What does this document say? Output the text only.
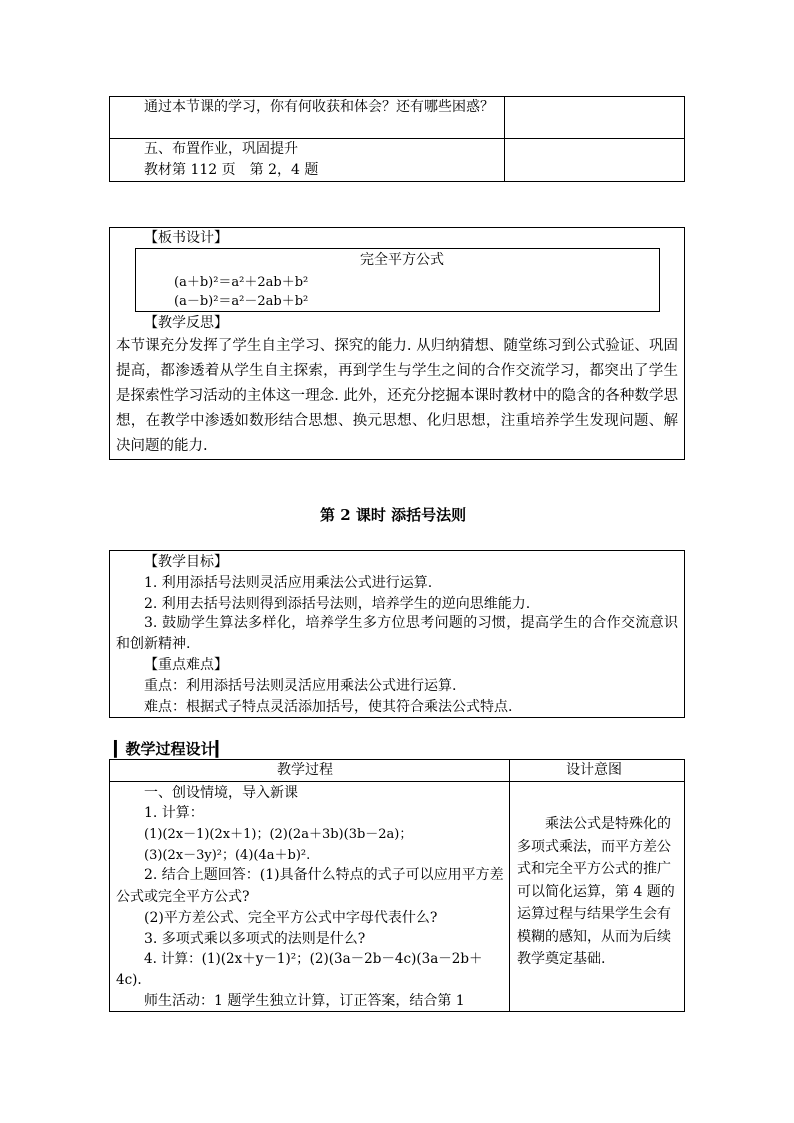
通过本节课的学习，你有何收获和体会？还有哪些困惑？
五、布置作业，巩固提升
教材第 112 页　第 2，4 题
【板书设计】
完全平方公式
(a＋b)²＝a²＋2ab＋b²
(a－b)²＝a²－2ab＋b²
【教学反思】
本节课充分发挥了学生自主学习、探究的能力. 从归纳猜想、随堂练习到公式验证、巩固提高，都渗透着从学生自主探索，再到学生与学生之间的合作交流学习，都突出了学生是探索性学习活动的主体这一理念. 此外，还充分挖掘本课时教材中的隐含的各种数学思想，在教学中渗透如数形结合思想、换元思想、化归思想，注重培养学生发现问题、解决问题的能力.
第 2 课时 添括号法则
【教学目标】
1. 利用添括号法则灵活应用乘法公式进行运算.
2. 利用去括号法则得到添括号法则，培养学生的逆向思维能力.
3. 鼓励学生算法多样化，培养学生多方位思考问题的习惯，提高学生的合作交流意识和创新精神.
【重点难点】
重点：利用添括号法则灵活应用乘法公式进行运算.
难点：根据式子特点灵活添加括号，使其符合乘法公式特点.
▎教学过程设计▎
教学过程	设计意图
一、创设情境，导入新课
1. 计算：
(1)(2x－1)(2x＋1)；(2)(2a＋3b)(3b－2a)；
(3)(2x－3y)²；(4)(4a＋b)².
2. 结合上题回答：(1)具备什么特点的式子可以应用平方差公式或完全平方公式?
(2)平方差公式、完全平方公式中字母代表什么?
3. 多项式乘以多项式的法则是什么?
4. 计算：(1)(2x＋y－1)²；(2)(3a－2b－4c)(3a－2b＋4c).
师生活动：1 题学生独立计算，订正答案，结合第 1
乘法公式是特殊化的多项式乘法，而平方差公式和完全平方公式的推广可以简化运算，第 4 题的运算过程与结果学生会有模糊的感知，从而为后续教学奠定基础.
